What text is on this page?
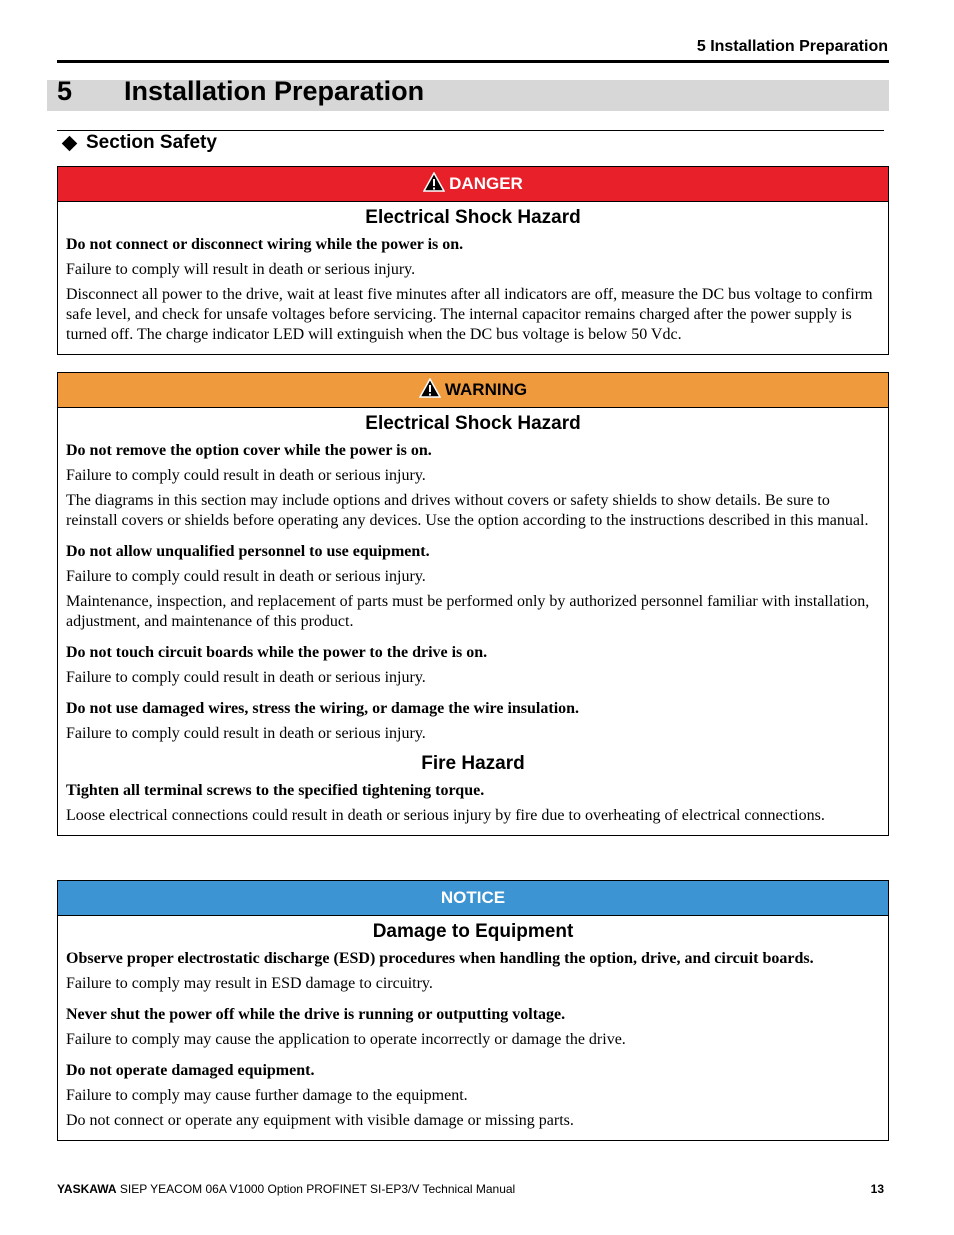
5 Installation Preparation
5 Installation Preparation
Section Safety
DANGER
Electrical Shock Hazard
Do not connect or disconnect wiring while the power is on.
Failure to comply will result in death or serious injury.
Disconnect all power to the drive, wait at least five minutes after all indicators are off, measure the DC bus voltage to confirm safe level, and check for unsafe voltages before servicing. The internal capacitor remains charged after the power supply is turned off. The charge indicator LED will extinguish when the DC bus voltage is below 50 Vdc.
WARNING
Electrical Shock Hazard
Do not remove the option cover while the power is on.
Failure to comply could result in death or serious injury.
The diagrams in this section may include options and drives without covers or safety shields to show details. Be sure to reinstall covers or shields before operating any devices. Use the option according to the instructions described in this manual.
Do not allow unqualified personnel to use equipment.
Failure to comply could result in death or serious injury.
Maintenance, inspection, and replacement of parts must be performed only by authorized personnel familiar with installation, adjustment, and maintenance of this product.
Do not touch circuit boards while the power to the drive is on.
Failure to comply could result in death or serious injury.
Do not use damaged wires, stress the wiring, or damage the wire insulation.
Failure to comply could result in death or serious injury.
Fire Hazard
Tighten all terminal screws to the specified tightening torque.
Loose electrical connections could result in death or serious injury by fire due to overheating of electrical connections.
NOTICE
Damage to Equipment
Observe proper electrostatic discharge (ESD) procedures when handling the option, drive, and circuit boards.
Failure to comply may result in ESD damage to circuitry.
Never shut the power off while the drive is running or outputting voltage.
Failure to comply may cause the application to operate incorrectly or damage the drive.
Do not operate damaged equipment.
Failure to comply may cause further damage to the equipment.
Do not connect or operate any equipment with visible damage or missing parts.
YASKAWA SIEP YEACOM 06A V1000 Option PROFINET SI-EP3/V Technical Manual	13
